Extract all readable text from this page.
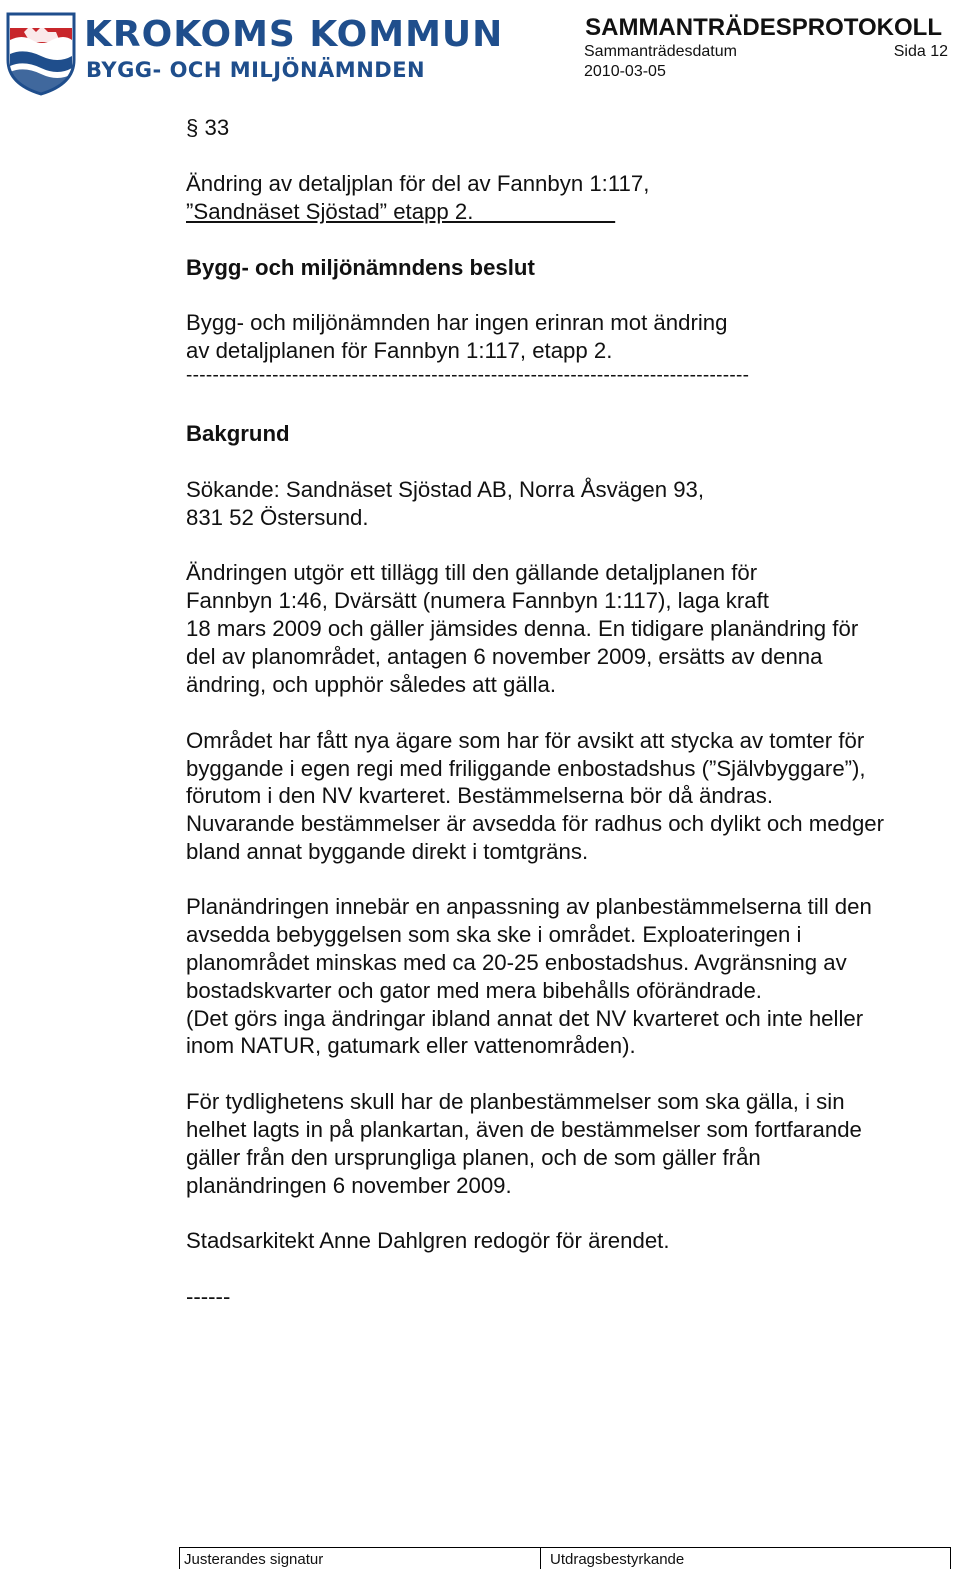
KROKOMS KOMMUN
BYGG- OCH MILJÖNÄMNDEN
SAMMANTRÄDESPROTOKOLL
Sammanträdesdatum	Sida 12
2010-03-05
§ 33
Ändring av detaljplan för del av Fannbyn 1:117,
”Sandnäset Sjöstad” etapp 2.
Bygg- och miljönämndens beslut
Bygg- och miljönämnden har ingen erinran mot ändring
av detaljplanen för Fannbyn 1:117, etapp 2.
-------------------------------------------------------------------------------------
Bakgrund
Sökande: Sandnäset Sjöstad AB, Norra Åsvägen 93,
831 52 Östersund.
Ändringen utgör ett tillägg till den gällande detaljplanen för
Fannbyn 1:46, Dvärsätt (numera Fannbyn 1:117), laga kraft
18 mars 2009 och gäller jämsides denna. En tidigare planändring för
del av planområdet, antagen 6 november 2009, ersätts av denna
ändring, och upphör således att gälla.
Området har fått nya ägare som har för avsikt att stycka av tomter för
byggande i egen regi med friliggande enbostadshus (”Självbyggare”),
förutom i den NV kvarteret. Bestämmelserna bör då ändras.
Nuvarande bestämmelser är avsedda för radhus och dylikt och medger
bland annat byggande direkt i tomtgräns.
Planändringen innebär en anpassning av planbestämmelserna till den
avsedda bebyggelsen som ska ske i området. Exploateringen i
planområdet minskas med ca 20-25 enbostadshus. Avgränsning av
bostadskvarter och gator med mera bibehålls oförändrade.
(Det görs inga ändringar ibland annat det NV kvarteret och inte heller
inom NATUR, gatumark eller vattenområden).
För tydlighetens skull har de planbestämmelser som ska gälla, i sin
helhet lagts in på plankartan, även de bestämmelser som fortfarande
gäller från den ursprungliga planen, och de som gäller från
planändringen 6 november 2009.
Stadsarkitekt Anne Dahlgren redogör för ärendet.
------
Justerandes signatur	Utdragsbestyrkande
